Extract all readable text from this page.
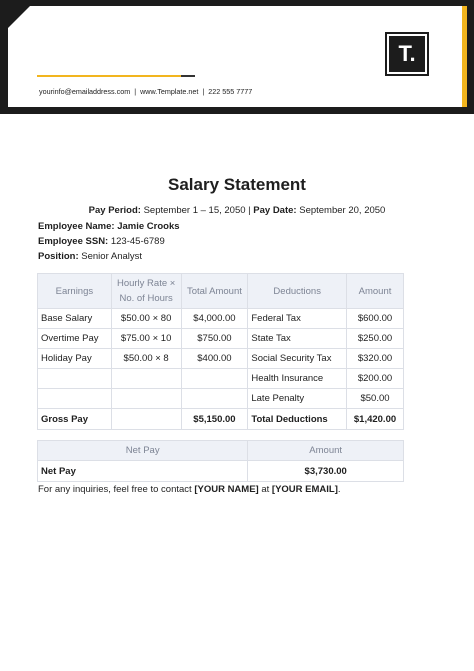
yourinfo@emailaddress.com | www.Template.net | 222 555 7777
T.
Salary Statement
Pay Period: September 1 – 15, 2050 | Pay Date: September 20, 2050
Employee Name: Jamie Crooks
Employee SSN: 123-45-6789
Position: Senior Analyst
Earnings	Hourly Rate × No. of Hours	Total Amount	Deductions	Amount
Base Salary	$50.00 × 80	$4,000.00	Federal Tax	$600.00
Overtime Pay	$75.00 × 10	$750.00	State Tax	$250.00
Holiday Pay	$50.00 × 8	$400.00	Social Security Tax	$320.00
			Health Insurance	$200.00
			Late Penalty	$50.00
Gross Pay		$5,150.00	Total Deductions	$1,420.00
Net Pay	Amount
Net Pay	$3,730.00
For any inquiries, feel free to contact [YOUR NAME] at [YOUR EMAIL].
